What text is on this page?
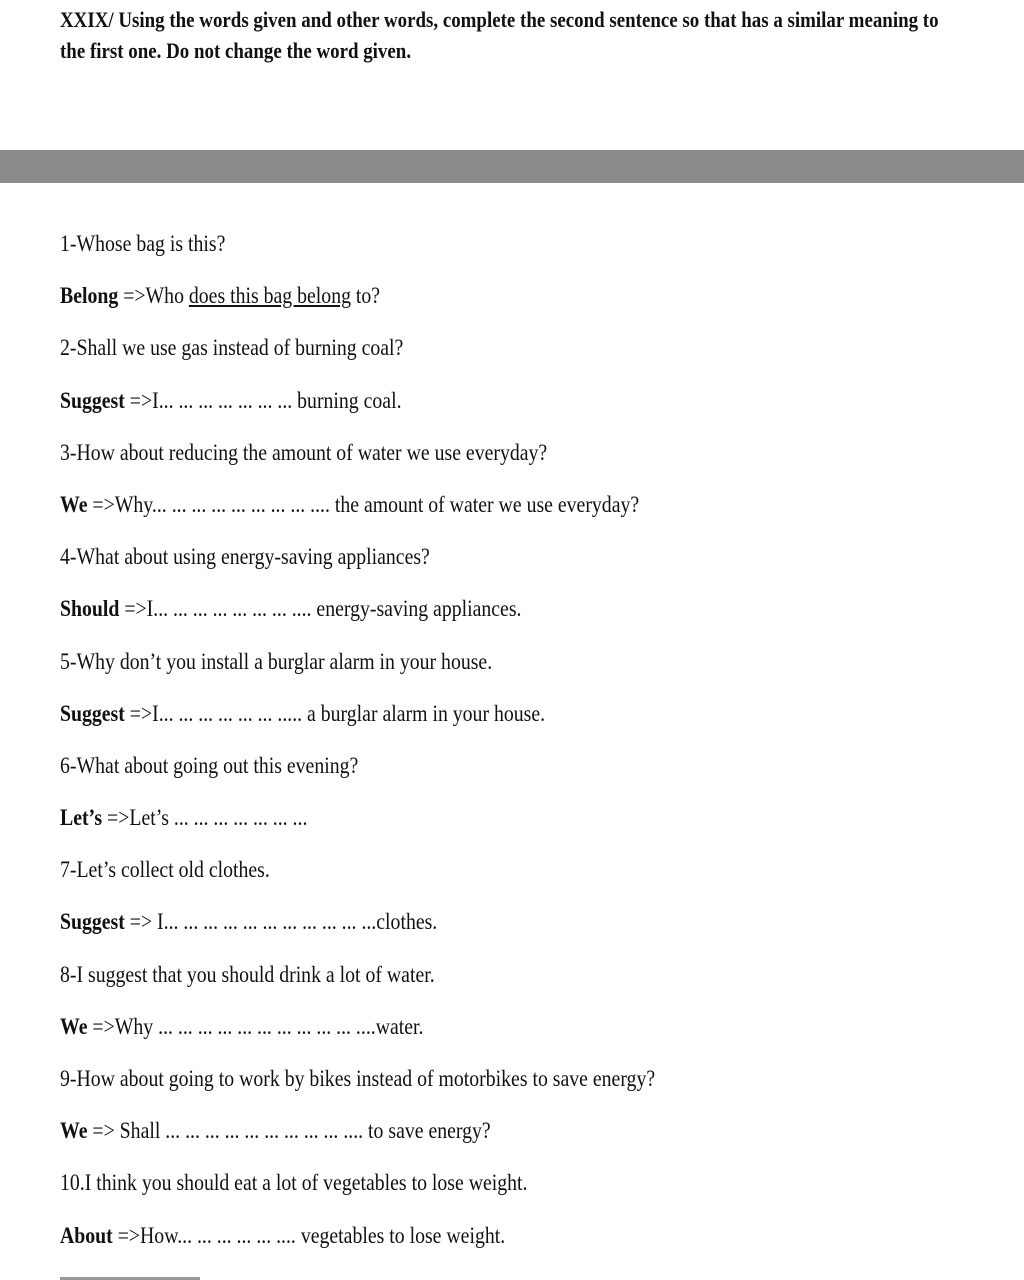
XXIX/ Using the words given and other words, complete the second sentence so that has a similar meaning to the first one. Do not change the word given.
1-Whose bag is this?
Belong =>Who does this bag belong to?
2-Shall we use gas instead of burning coal?
Suggest =>I... ... ... ... ... ... ... burning coal.
3-How about reducing the amount of water we use everyday?
We =>Why... ... ... ... ... ... ... ... .... the amount of water we use everyday?
4-What about using energy-saving appliances?
Should =>I... ... ... ... ... ... ... .... energy-saving appliances.
5-Why don’t you install a burglar alarm in your house.
Suggest =>I... ... ... ... ... ... ..... a burglar alarm in your house.
6-What about going out this evening?
Let’s =>Let’s ... ... ... ... ... ... ...
7-Let’s collect old clothes.
Suggest => I... ... ... ... ... ... ... ... ... ... ...clothes.
8-I suggest that you should drink a lot of water.
We =>Why ... ... ... ... ... ... ... ... ... ... ....water.
9-How about going to work by bikes instead of motorbikes to save energy?
We => Shall ... ... ... ... ... ... ... ... ... .... to save energy?
10.I think you should eat a lot of vegetables to lose weight.
About =>How... ... ... ... ... .... vegetables to lose weight.
